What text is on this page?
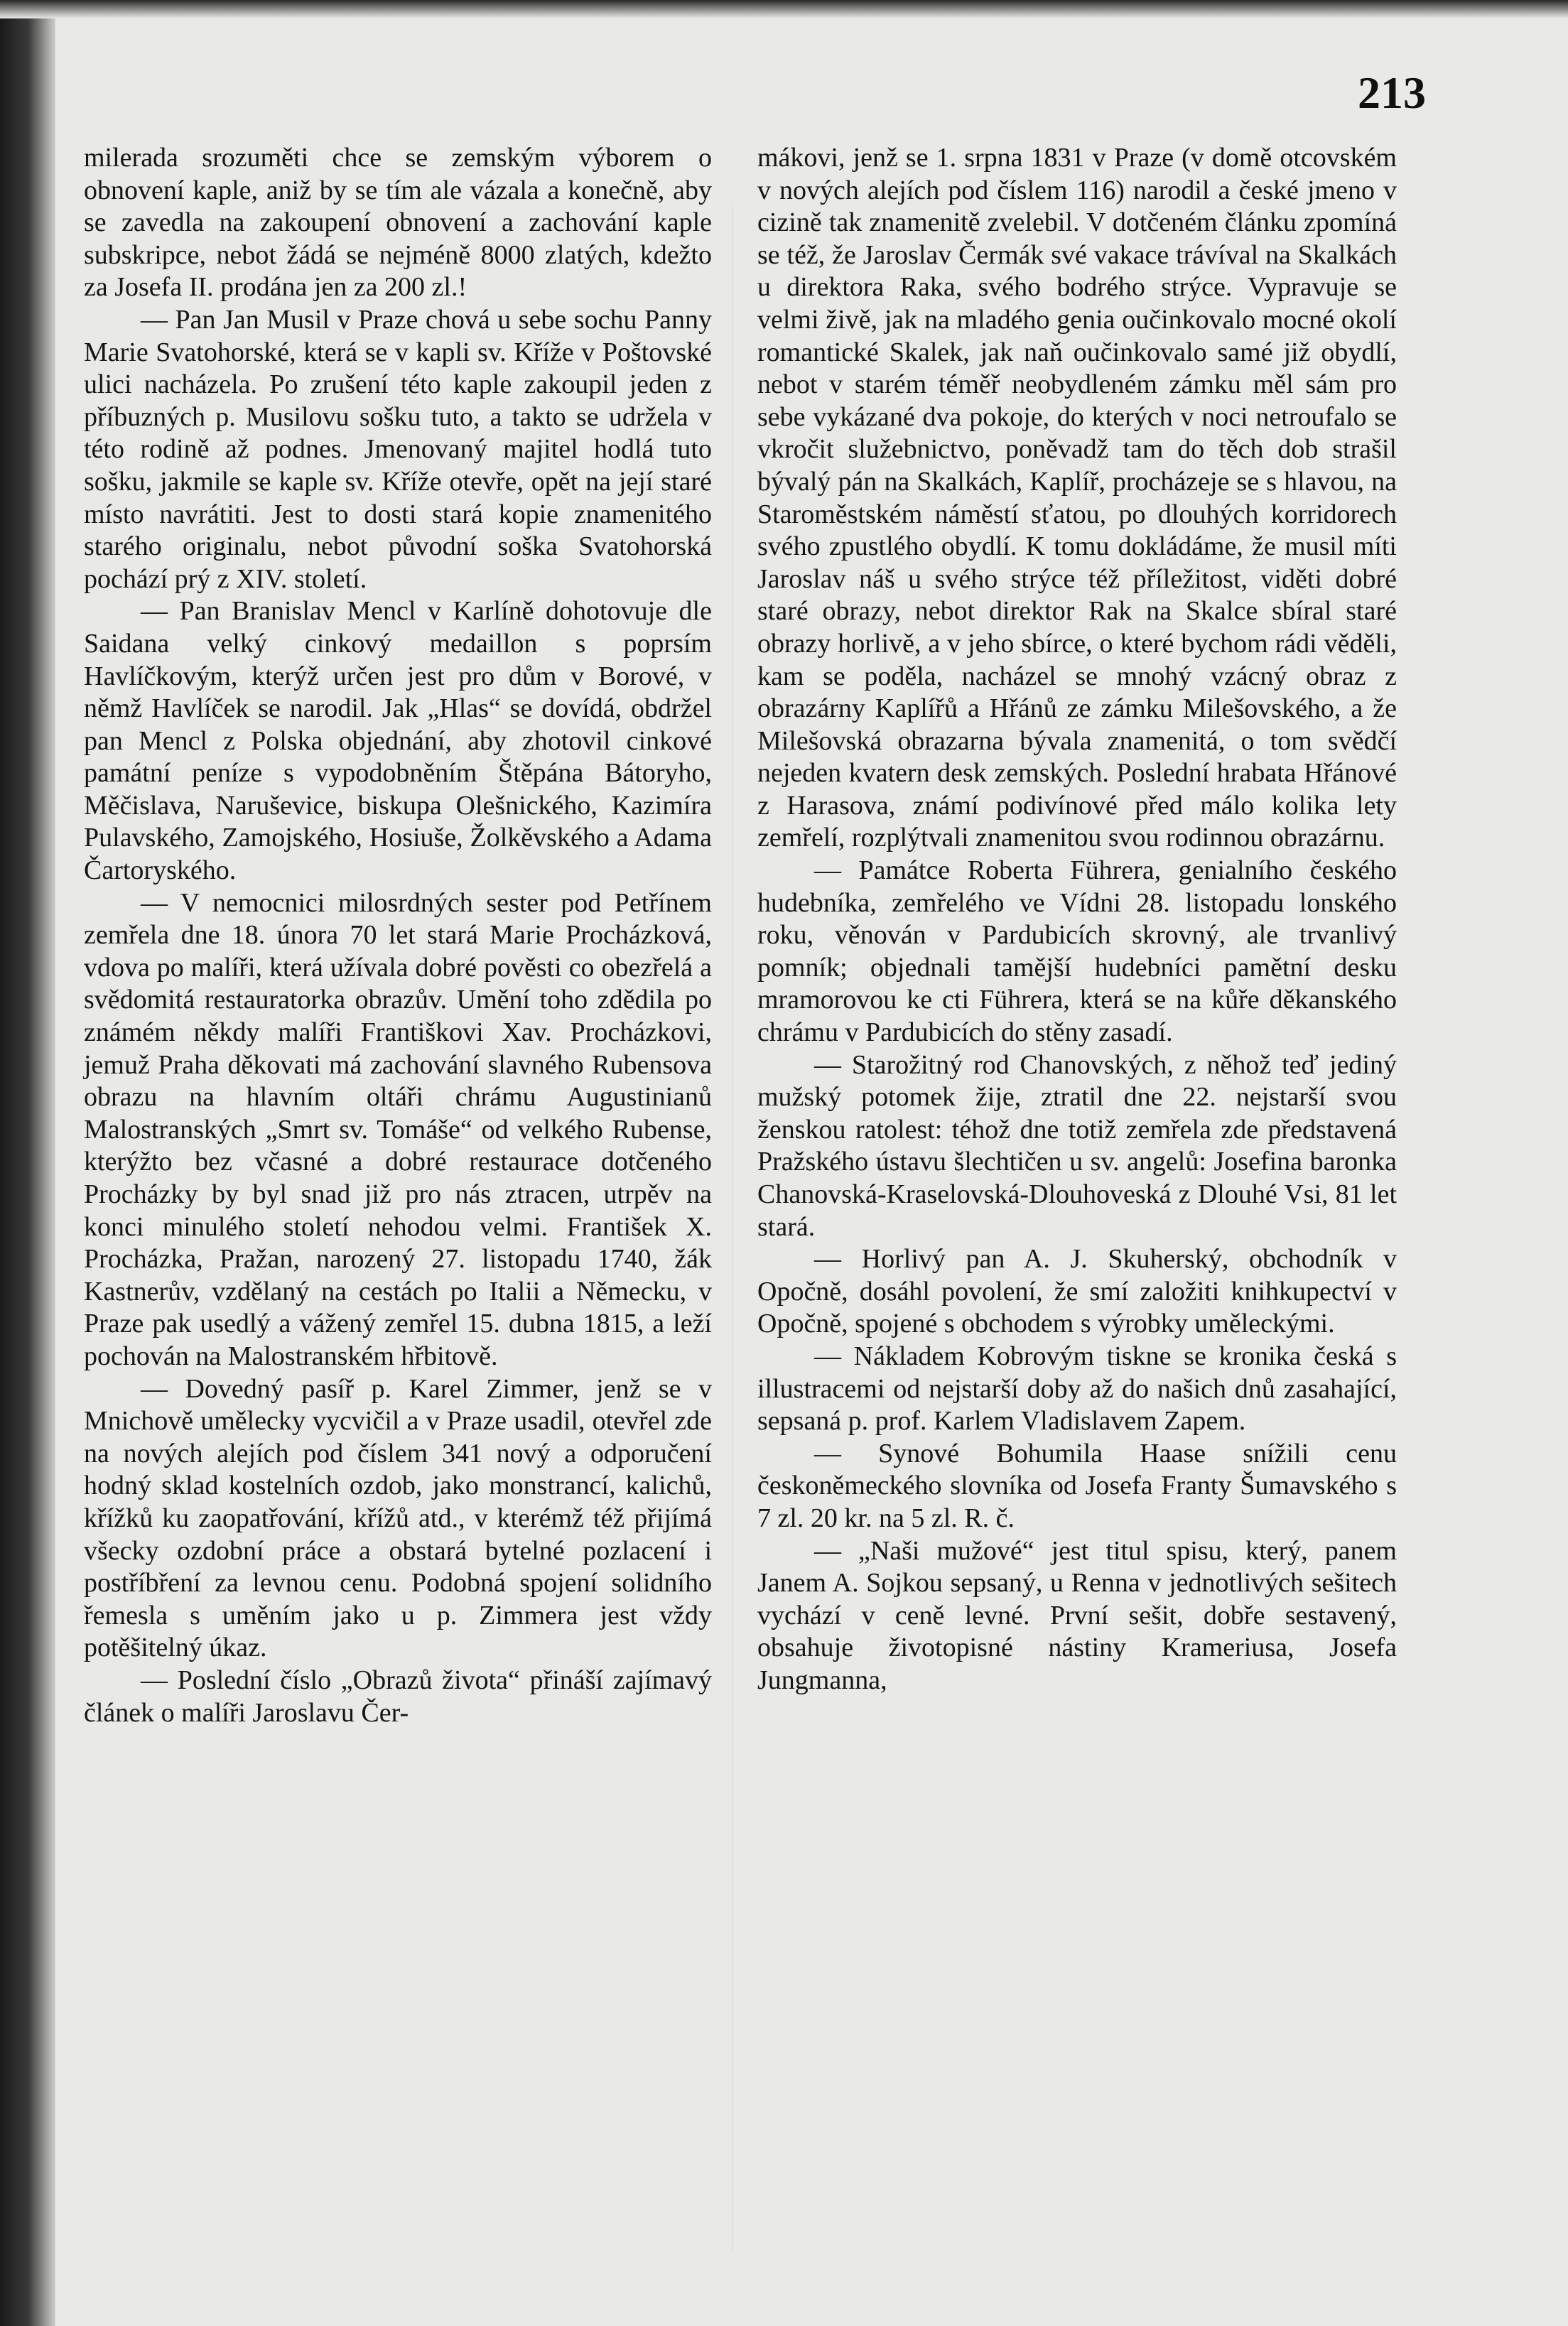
213

milerada srozuměti chce se zemským výborem o obnovení kaple, aniž by se tím ale vázala a konečně, aby se zavedla na zakoupení obnovení a zachování kaple subskripce, nebot žádá se nejméně 8000 zlatých, kdežto za Josefa II. prodána jen za 200 zl.!

— Pan Jan Musil v Praze chová u sebe sochu Panny Marie Svatohorské, která se v kapli sv. Kříže v Poštovské ulici nacházela. Po zrušení této kaple zakoupil jeden z příbuzných p. Musilovu sošku tuto, a takto se udržela v této rodině až podnes. Jmenovaný majitel hodlá tuto sošku, jakmile se kaple sv. Kříže otevře, opět na její staré místo navrátiti. Jest to dosti stará kopie znamenitého starého originalu, nebot původní soška Svatohorská pochází prý z XIV. století.

— Pan Branislav Mencl v Karlíně dohotovuje dle Saidana velký cinkový medaillon s poprsím Havlíčkovým, kterýž určen jest pro dům v Borové, v němž Havlíček se narodil. Jak „Hlas“ se dovídá, obdržel pan Mencl z Polska objednání, aby zhotovil cinkové památní peníze s vypodobněním Štěpána Bátoryho, Měčislava, Naruševice, biskupa Olešnického, Kazimíra Pulavského, Zamojského, Hosiuše, Žolkěvského a Adama Čartoryského.

— V nemocnici milosrdných sester pod Petřínem zemřela dne 18. února 70 let stará Marie Procházková, vdova po malíři, která užívala dobré pověsti co obezřelá a svědomitá restauratorka obrazův. Umění toho zdědila po známém někdy malíři Františkovi Xav. Procházkovi, jemuž Praha děkovati má zachování slavného Rubensova obrazu na hlavním oltáři chrámu Augustinianů Malostranských „Smrt sv. Tomáše“ od velkého Rubense, kterýžto bez včasné a dobré restaurace dotčeného Procházky by byl snad již pro nás ztracen, utrpěv na konci minulého století nehodou velmi. František X. Procházka, Pražan, narozený 27. listopadu 1740, žák Kastnerův, vzdělaný na cestách po Italii a Německu, v Praze pak usedlý a vážený zemřel 15. dubna 1815, a leží pochován na Malostranském hřbitově.

— Dovedný pasíř p. Karel Zimmer, jenž se v Mnichově umělecky vycvičil a v Praze usadil, otevřel zde na nových alejích pod číslem 341 nový a odporučení hodný sklad kostelních ozdob, jako monstrancí, kalichů, křížků ku zaopatřování, křížů atd., v kterémž též přijímá všecky ozdobní práce a obstará bytelné pozlacení i postříbření za levnou cenu. Podobná spojení solidního řemesla s uměním jako u p. Zimmera jest vždy potěšitelný úkaz.

— Poslední číslo „Obrazů života“ přináší zajímavý článek o malíři Jaroslavu Čer-

mákovi, jenž se 1. srpna 1831 v Praze (v domě otcovském v nových alejích pod číslem 116) narodil a české jmeno v cizině tak znamenitě zvelebil. V dotčeném článku zpomíná se též, že Jaroslav Čermák své vakace trávíval na Skalkách u direktora Raka, svého bodrého strýce. Vypravuje se velmi živě, jak na mladého genia oučinkovalo mocné okolí romantické Skalek, jak naň oučinkovalo samé již obydlí, nebot v starém téměř neobydleném zámku měl sám pro sebe vykázané dva pokoje, do kterých v noci netroufalo se vkročit služebnictvo, poněvadž tam do těch dob strašil bývalý pán na Skalkách, Kaplíř, procházeje se s hlavou, na Staroměstském náměstí sťatou, po dlouhých korridorech svého zpustlého obydlí. K tomu dokládáme, že musil míti Jaroslav náš u svého strýce též příležitost, viděti dobré staré obrazy, nebot direktor Rak na Skalce sbíral staré obrazy horlivě, a v jeho sbírce, o které bychom rádi věděli, kam se poděla, nacházel se mnohý vzácný obraz z obrazárny Kaplířů a Hřánů ze zámku Milešovského, a že Milešovská obrazarna bývala znamenitá, o tom svědčí nejeden kvatern desk zemských. Poslední hrabata Hřánové z Harasova, známí podivínové před málo kolika lety zemřelí, rozplýtvali znamenitou svou rodinnou obrazárnu.

— Památce Roberta Führera, genialního českého hudebníka, zemřelého ve Vídni 28. listopadu lonského roku, věnován v Pardubicích skrovný, ale trvanlivý pomník; objednali tamější hudebníci pamětní desku mramorovou ke cti Führera, která se na kůře děkanského chrámu v Pardubicích do stěny zasadí.

— Starožitný rod Chanovských, z něhož teď jediný mužský potomek žije, ztratil dne 22. nejstarší svou ženskou ratolest: téhož dne totiž zemřela zde představená Pražského ústavu šlechtičen u sv. angelů: Josefina baronka Chanovská-Kraselovská-Dlouhoveská z Dlouhé Vsi, 81 let stará.

— Horlivý pan A. J. Skuherský, obchodník v Opočně, dosáhl povolení, že smí založiti knihkupectví v Opočně, spojené s obchodem s výrobky uměleckými.

— Nákladem Kobrovým tiskne se kronika česká s illustracemi od nejstarší doby až do našich dnů zasahající, sepsaná p. prof. Karlem Vladislavem Zapem.

— Synové Bohumila Haase snížili cenu českoněmeckého slovníka od Josefa Franty Šumavského s 7 zl. 20 kr. na 5 zl. R. č.

— „Naši mužové“ jest titul spisu, který, panem Janem A. Sojkou sepsaný, u Renna v jednotlivých sešitech vychází v ceně levné. První sešit, dobře sestavený, obsahuje životopisné nástiny Krameriusa, Josefa Jungmanna,
